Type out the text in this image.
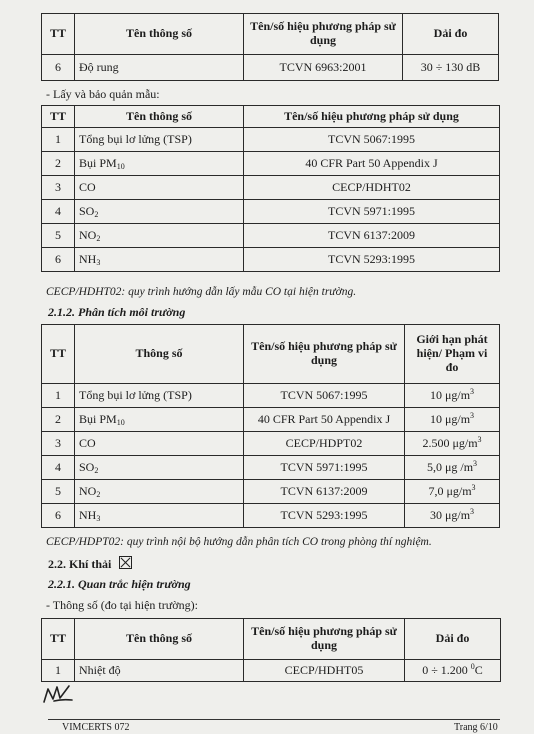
TT	Tên thông số	Tên/số hiệu phương pháp sử dụng	Dải đo
6	Độ rung	TCVN 6963:2001	30 ÷ 130 dB
- Lấy và bảo quản mẫu:
TT	Tên thông số	Tên/số hiệu phương pháp sử dụng
1	Tổng bụi lơ lửng (TSP)	TCVN 5067:1995
2	Bụi $PM_{10}$	40 CFR Part 50 Appendix J
3	CO	CECP/HDHT02
4	$SO_2$	TCVN 5971:1995
5	$NO_2$	TCVN 6137:2009
6	$NH_3$	TCVN 5293:1995
CECP/HDHT02: quy trình hướng dẫn lấy mẫu CO tại hiện trường.
2.1.2. Phân tích môi trường
TT	Thông số	Tên/số hiệu phương pháp sử dụng	Giới hạn phát hiện/ Phạm vi đo
1	Tổng bụi lơ lửng (TSP)	TCVN 5067:1995	10 $\mu g/m^3$
2	Bụi $PM_{10}$	40 CFR Part 50 Appendix J	10 $\mu g/m^3$
3	CO	CECP/HDPT02	2.500 $\mu g/m^3$
4	$SO_2$	TCVN 5971:1995	5,0 μg $/m^3$
5	$NO_2$	TCVN 6137:2009	7,0 $\mu g/m^3$
6	$NH_3$	TCVN 5293:1995	30 $\mu g/m^3$
CECP/HDPT02: quy trình nội bộ hướng dẫn phân tích CO trong phòng thí nghiệm.
2.2. Khí thải
2.2.1. Quan trắc hiện trường
- Thông số (đo tại hiện trường):
TT	Tên thông số	Tên/số hiệu phương pháp sử dụng	Dải đo
1	Nhiệt độ	CECP/HDHT05	0 ÷ 1.200 $^0$C
VIMCERTS 072	Trang 6/10
